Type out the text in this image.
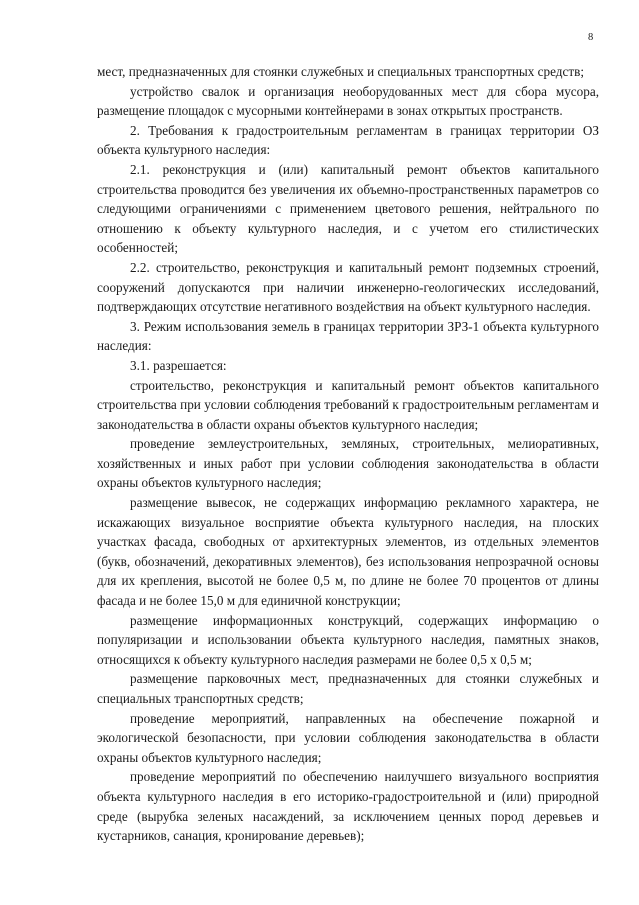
8

мест, предназначенных для стоянки служебных и специальных транспортных средств;

устройство свалок и организация необорудованных мест для сбора мусора, размещение площадок с мусорными контейнерами в зонах открытых пространств.

2. Требования к градостроительным регламентам в границах территории ОЗ объекта культурного наследия:

2.1. реконструкция и (или) капитальный ремонт объектов капитального строительства проводится без увеличения их объемно-пространственных параметров со следующими ограничениями с применением цветового решения, нейтрального по отношению к объекту культурного наследия, и с учетом его стилистических особенностей;

2.2. строительство, реконструкция и капитальный ремонт подземных строений, сооружений допускаются при наличии инженерно-геологических исследований, подтверждающих отсутствие негативного воздействия на объект культурного наследия.

3. Режим использования земель в границах территории ЗРЗ-1 объекта культурного наследия:

3.1. разрешается:

строительство, реконструкция и капитальный ремонт объектов капитального строительства при условии соблюдения требований к градостроительным регламентам и законодательства в области охраны объектов культурного наследия;

проведение землеустроительных, земляных, строительных, мелиоративных, хозяйственных и иных работ при условии соблюдения законодательства в области охраны объектов культурного наследия;

размещение вывесок, не содержащих информацию рекламного характера, не искажающих визуальное восприятие объекта культурного наследия, на плоских участках фасада, свободных от архитектурных элементов, из отдельных элементов (букв, обозначений, декоративных элементов), без использования непрозрачной основы для их крепления, высотой не более 0,5 м, по длине не более 70 процентов от длины фасада и не более 15,0 м для единичной конструкции;

размещение информационных конструкций, содержащих информацию о популяризации и использовании объекта культурного наследия, памятных знаков, относящихся к объекту культурного наследия размерами не более 0,5 х 0,5 м;

размещение парковочных мест, предназначенных для стоянки служебных и специальных транспортных средств;

проведение мероприятий, направленных на обеспечение пожарной и экологической безопасности, при условии соблюдения законодательства в области охраны объектов культурного наследия;

проведение мероприятий по обеспечению наилучшего визуального восприятия объекта культурного наследия в его историко-градостроительной и (или) природной среде (вырубка зеленых насаждений, за исключением ценных пород деревьев и кустарников, санация, кронирование деревьев);
